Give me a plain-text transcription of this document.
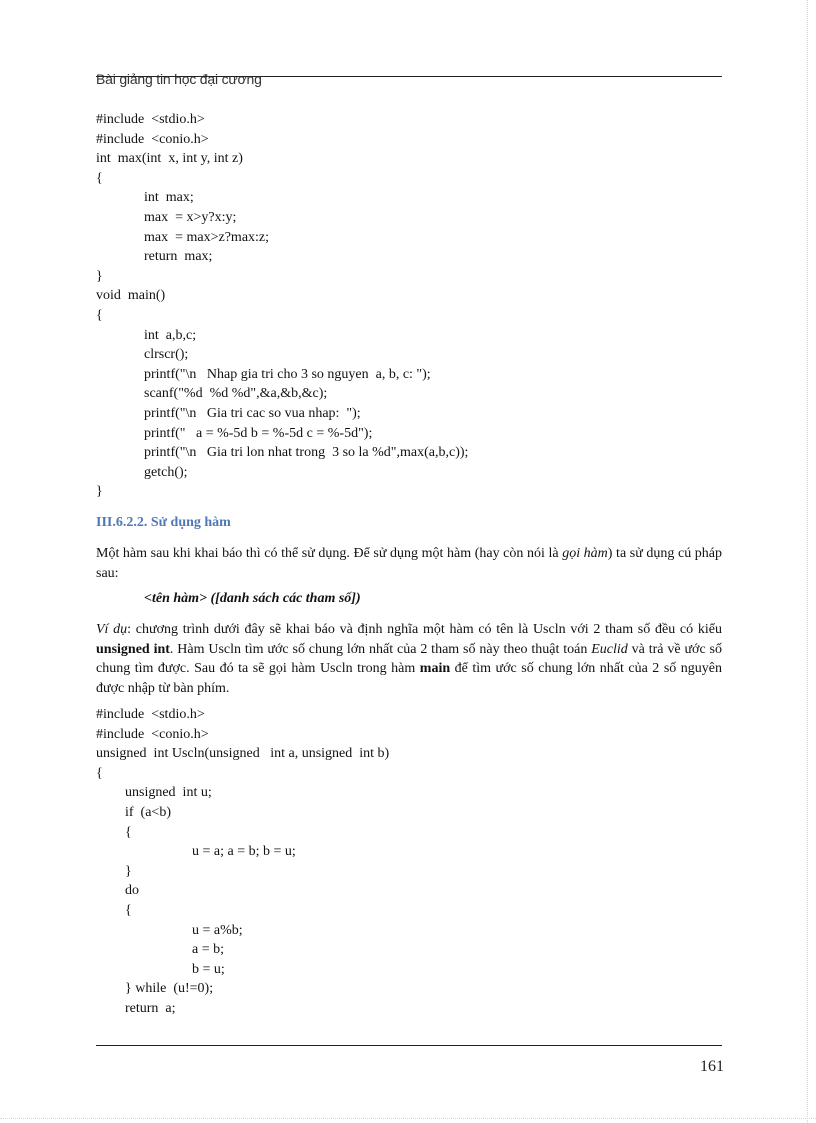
Bài giảng tin học đại cương
#include  <stdio.h>
#include  <conio.h>
int  max(int  x, int y, int z)
{
int  max;
max  = x>y?x:y;
max  = max>z?max:z;
return  max;
}
void  main()
{
int  a,b,c;
clrscr();
printf("\n   Nhap gia tri cho 3 so nguyen  a, b, c: ");
scanf("%d  %d %d",&a,&b,&c);
printf("\n   Gia tri cac so vua nhap:  ");
printf("   a = %-5d b = %-5d c = %-5d");
printf("\n   Gia tri lon nhat trong  3 so la %d",max(a,b,c));
getch();
}
III.6.2.2. Sử dụng hàm
Một hàm sau khi khai báo thì có thể sử dụng. Để sử dụng một hàm (hay còn nói là gọi hàm) ta sử dụng cú pháp sau:
<tên hàm> ([danh sách các tham số])
Ví dụ: chương trình dưới đây sẽ khai báo và định nghĩa một hàm có tên là Uscln với 2 tham số đều có kiểu unsigned int. Hàm Uscln tìm ước số chung lớn nhất của 2 tham số này theo thuật toán Euclid và trả về ước số chung tìm được. Sau đó ta sẽ gọi hàm Uscln trong hàm main để tìm ước số chung lớn nhất của 2 số nguyên được nhập từ bàn phím.
#include  <stdio.h>
#include  <conio.h>
unsigned  int Uscln(unsigned   int a, unsigned  int b)
{
unsigned  int u;
if  (a<b)
{
u = a; a = b; b = u;
}
do
{
u = a%b;
a = b;
b = u;
} while  (u!=0);
return  a;
161
